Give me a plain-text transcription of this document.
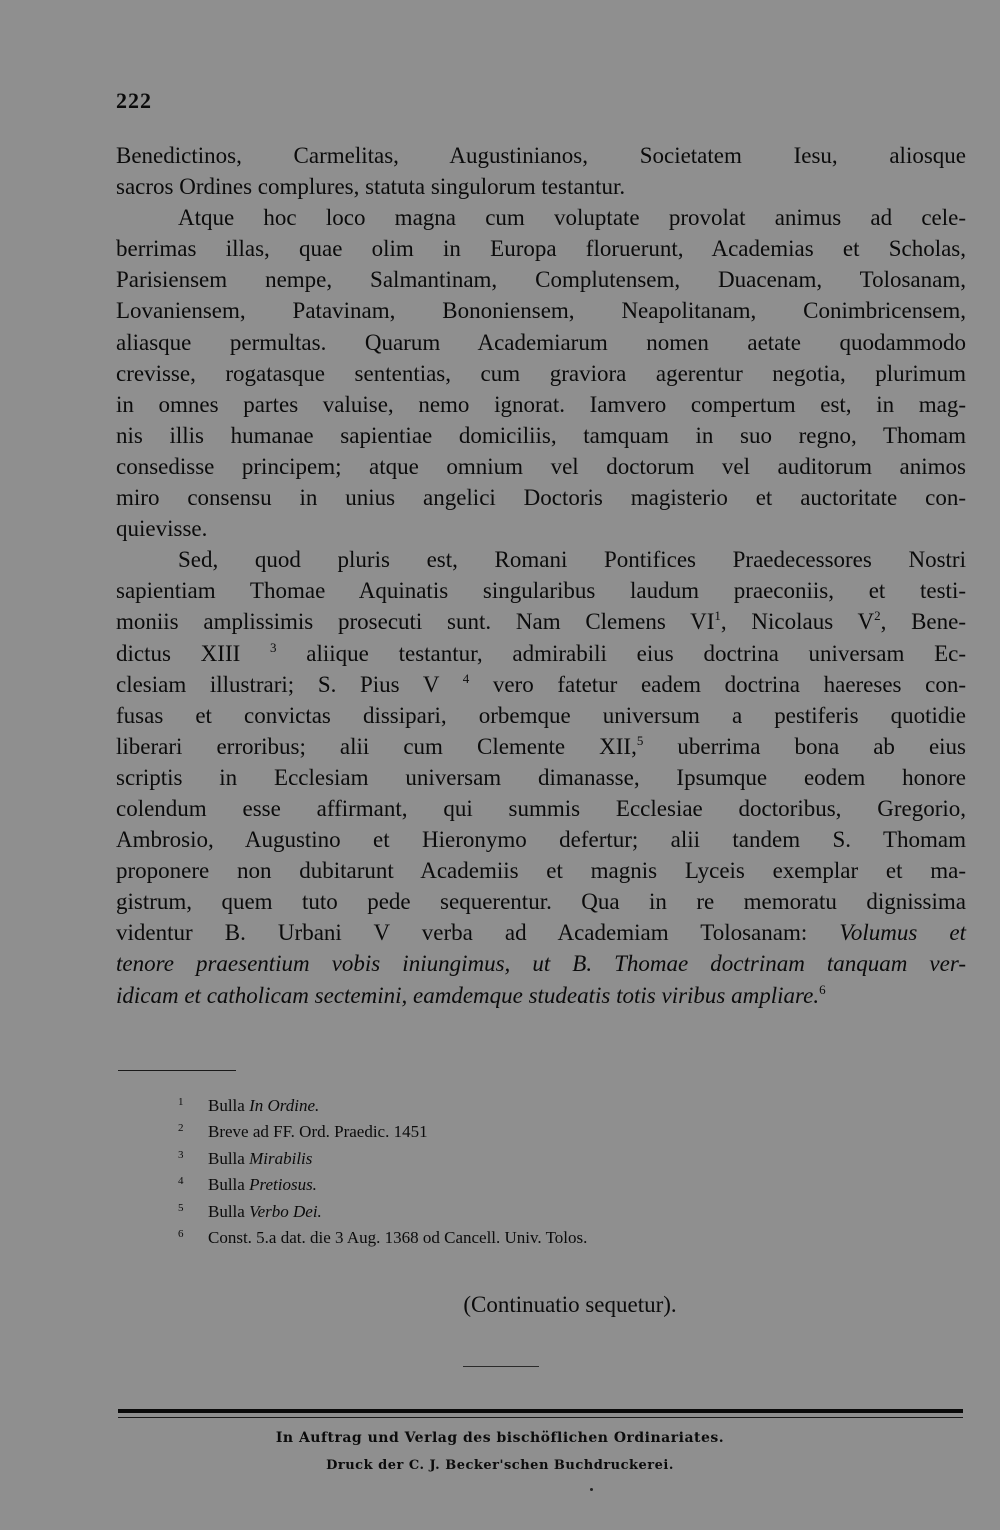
222
Benedictinos, Carmelitas, Augustinianos, Societatem Iesu, aliosque
sacros Ordines complures, statuta singulorum testantur.
Atque hoc loco magna cum voluptate provolat animus ad cele-
berrimas illas, quae olim in Europa floruerunt, Academias et Scholas,
Parisiensem nempe, Salmantinam, Complutensem, Duacenam, Tolosanam,
Lovaniensem, Patavinam, Bononiensem, Neapolitanam, Conimbricensem,
aliasque permultas. Quarum Academiarum nomen aetate quodammodo
crevisse, rogatasque sententias, cum graviora agerentur negotia, plurimum
in omnes partes valuise, nemo ignorat. Iamvero compertum est, in mag-
nis illis humanae sapientiae domiciliis, tamquam in suo regno, Thomam
consedisse principem; atque omnium vel doctorum vel auditorum animos
miro consensu in unius angelici Doctoris magisterio et auctoritate con-
quievisse.
Sed, quod pluris est, Romani Pontifices Praedecessores Nostri
sapientiam Thomae Aquinatis singularibus laudum praeconiis, et testi-
moniis amplissimis prosecuti sunt. Nam Clemens $VI^1$, Nicolaus $V^2$, Bene-
dictus XIII $^3$ aliique testantur, admirabili eius doctrina universam Ec-
clesiam illustrari; S. Pius V $^4$ vero fatetur eadem doctrina haereses con-
fusas et convictas dissipari, orbemque universum a pestiferis quotidie
liberari erroribus; alii cum Clemente XII,$^5$ uberrima bona ab eius
scriptis in Ecclesiam universam dimanasse, Ipsumque eodem honore
colendum esse affirmant, qui summis Ecclesiae doctoribus, Gregorio,
Ambrosio, Augustino et Hieronymo defertur; alii tandem S. Thomam
proponere non dubitarunt Academiis et magnis Lyceis exemplar et ma-
gistrum, quem tuto pede sequerentur. Qua in re memoratu dignissima
videntur B. Urbani V verba ad Academiam Tolosanam: Volumus et
tenore praesentium vobis iniungimus, ut B. Thomae doctrinam tanquam ver-
idicam et catholicam sectemini, eamdemque studeatis totis viribus ampliare.$^6$
1	Bulla In Ordine.
2	Breve ad FF. Ord. Praedic. 1451
3	Bulla Mirabilis
4	Bulla Pretiosus.
5	Bulla Verbo Dei.
6	Const. 5.a dat. die 3 Aug. 1368 od Cancell. Univ. Tolos.
(Continuatio sequetur).
In Auftrag und Verlag des bischöflichen Ordinariates.
Druck der C. J. Becker'schen Buchdruckerei.
